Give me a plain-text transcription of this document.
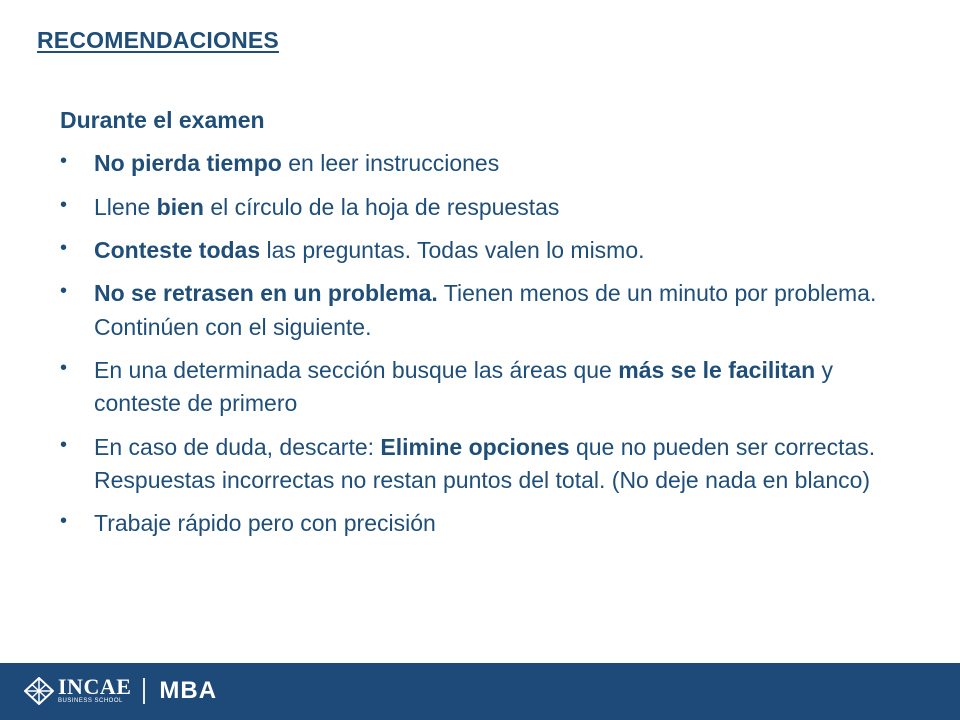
RECOMENDACIONES
Durante el examen
• No pierda tiempo en leer instrucciones
• Llene bien el círculo de la hoja de respuestas
• Conteste todas las preguntas. Todas valen lo mismo.
• No se retrasen en un problema. Tienen menos de un minuto por problema. Continúen con el siguiente.
• En una determinada sección busque las áreas que más se le facilitan y conteste de primero
• En caso de duda, descarte: Elimine opciones que no pueden ser correctas. Respuestas incorrectas no restan puntos del total. (No deje nada en blanco)
• Trabaje rápido pero con precisión
INCAE
BUSINESS SCHOOL	MBA
